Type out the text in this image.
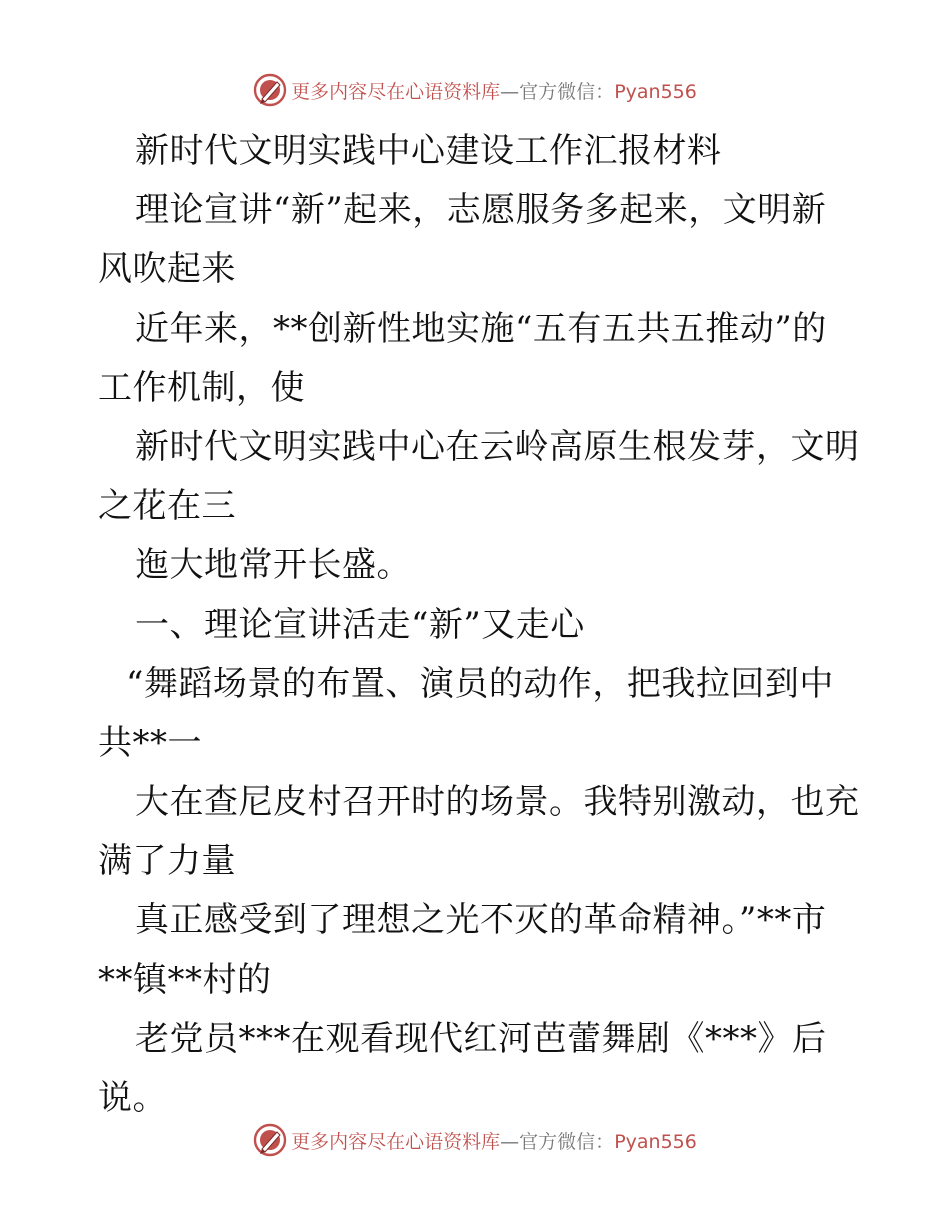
更多内容尽在心语资料库—官方微信：Pyan556
新时代文明实践中心建设工作汇报材料
理论宣讲“新”起来，志愿服务多起来，文明新
风吹起来
近年来，**创新性地实施“五有五共五推动”的
工作机制，使
新时代文明实践中心在云岭高原生根发芽，文明
之花在三
迤大地常开长盛。
一、理论宣讲活走“新”又走心
“舞蹈场景的布置、演员的动作，把我拉回到中
共**一
大在查尼皮村召开时的场景。我特别激动，也充
满了力量
真正感受到了理想之光不灭的革命精神。”**市
**镇**村的
老党员***在观看现代红河芭蕾舞剧《***》后
说。
更多内容尽在心语资料库—官方微信：Pyan556
